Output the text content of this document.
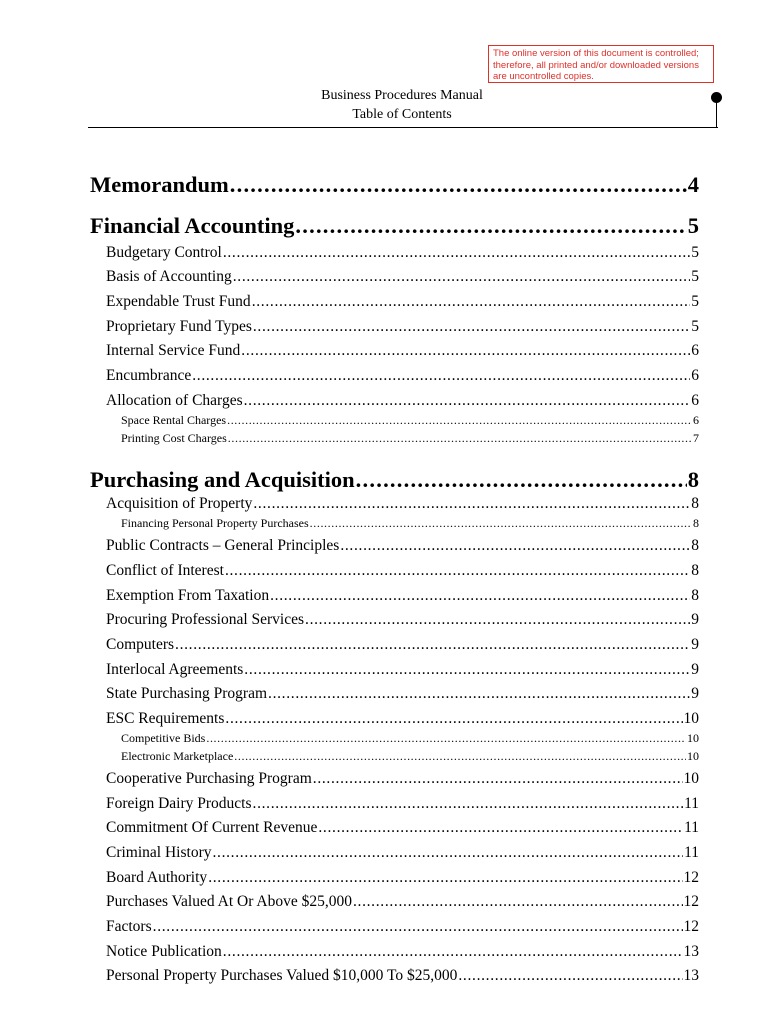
The online version of this document is controlled; therefore, all printed and/or downloaded versions are uncontrolled copies.
Business Procedures Manual
Table of Contents
Memorandum . . .	4
Financial Accounting . . .	5
Budgetary Control . . .	5
Basis of Accounting . . .	5
Expendable Trust Fund . . .	5
Proprietary Fund Types . . .	5
Internal Service Fund . . .	6
Encumbrance . . .	6
Allocation of Charges . . .	6
Space Rental Charges . . .	6
Printing Cost Charges . . .	7
Purchasing and Acquisition . . .	8
Acquisition of Property . . .	8
Financing Personal Property Purchases . . .	8
Public Contracts – General Principles . . .	8
Conflict of Interest . . .	8
Exemption From Taxation . . .	8
Procuring Professional Services . . .	9
Computers . . .	9
Interlocal Agreements . . .	9
State Purchasing Program . . .	9
ESC Requirements . . .	10
Competitive Bids . . .	10
Electronic Marketplace . . .	10
Cooperative Purchasing Program . . .	10
Foreign Dairy Products . . .	11
Commitment Of Current Revenue . . .	11
Criminal History . . .	11
Board Authority . . .	12
Purchases Valued At Or Above $25,000 . . .	12
Factors . . .	12
Notice Publication . . .	13
Personal Property Purchases Valued $10,000 To $25,000 . . .	13
